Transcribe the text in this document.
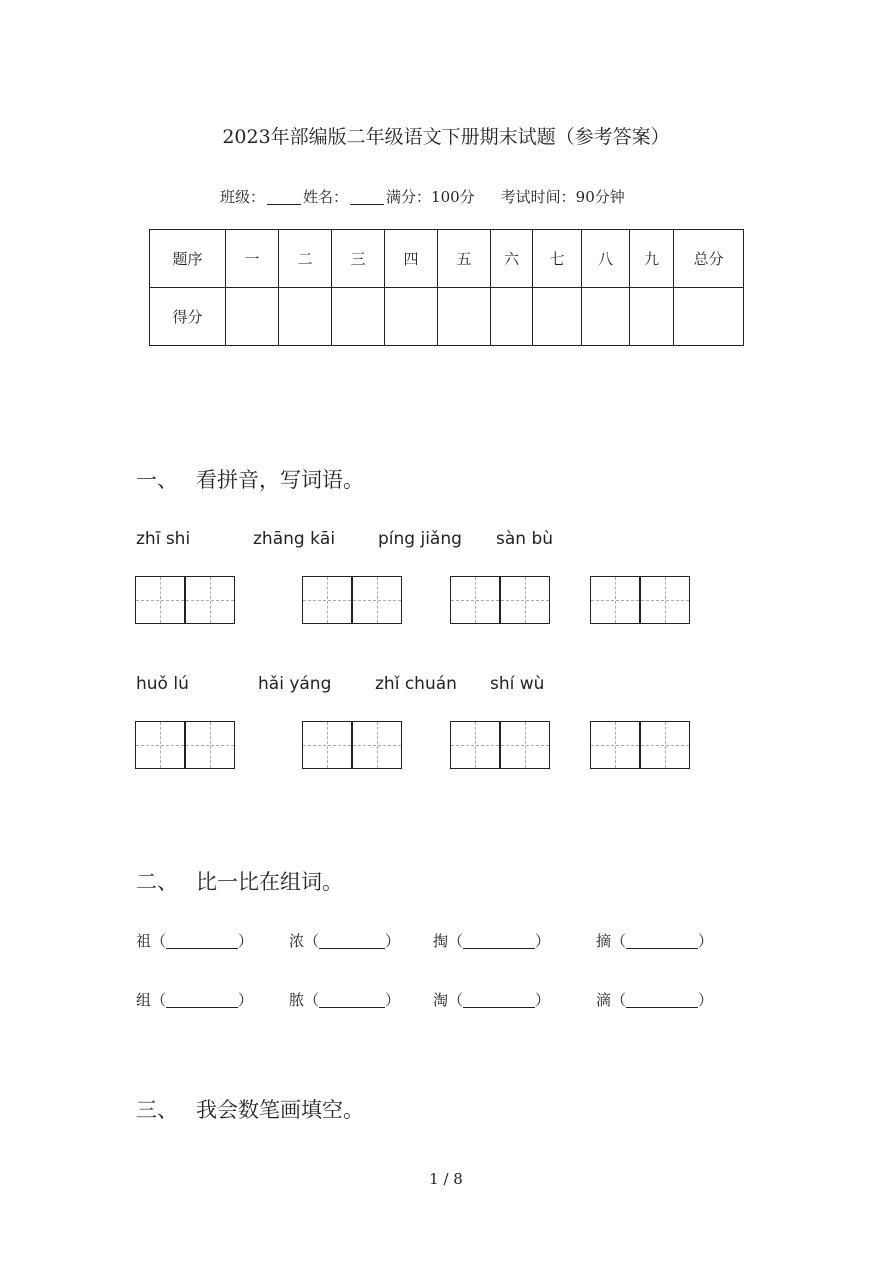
2023年部编版二年级语文下册期末试题（参考答案）
班级：	姓名：	满分：100分 考试时间：90分钟
题序	一	二	三	四	五	六	七	八	九	总分
得分										
一、 看拼音，写词语。
zhī shi	zhāng kāi	píng jiǎng sàn bù
huǒ lú	hǎi yáng	zhǐ chuán shí wù
二、 比一比在组词。
祖（	） 浓（	） 掏（	）	摘（	）
组（	） 脓（	） 淘（	）	滴（	）
三、 我会数笔画填空。
1 / 8
